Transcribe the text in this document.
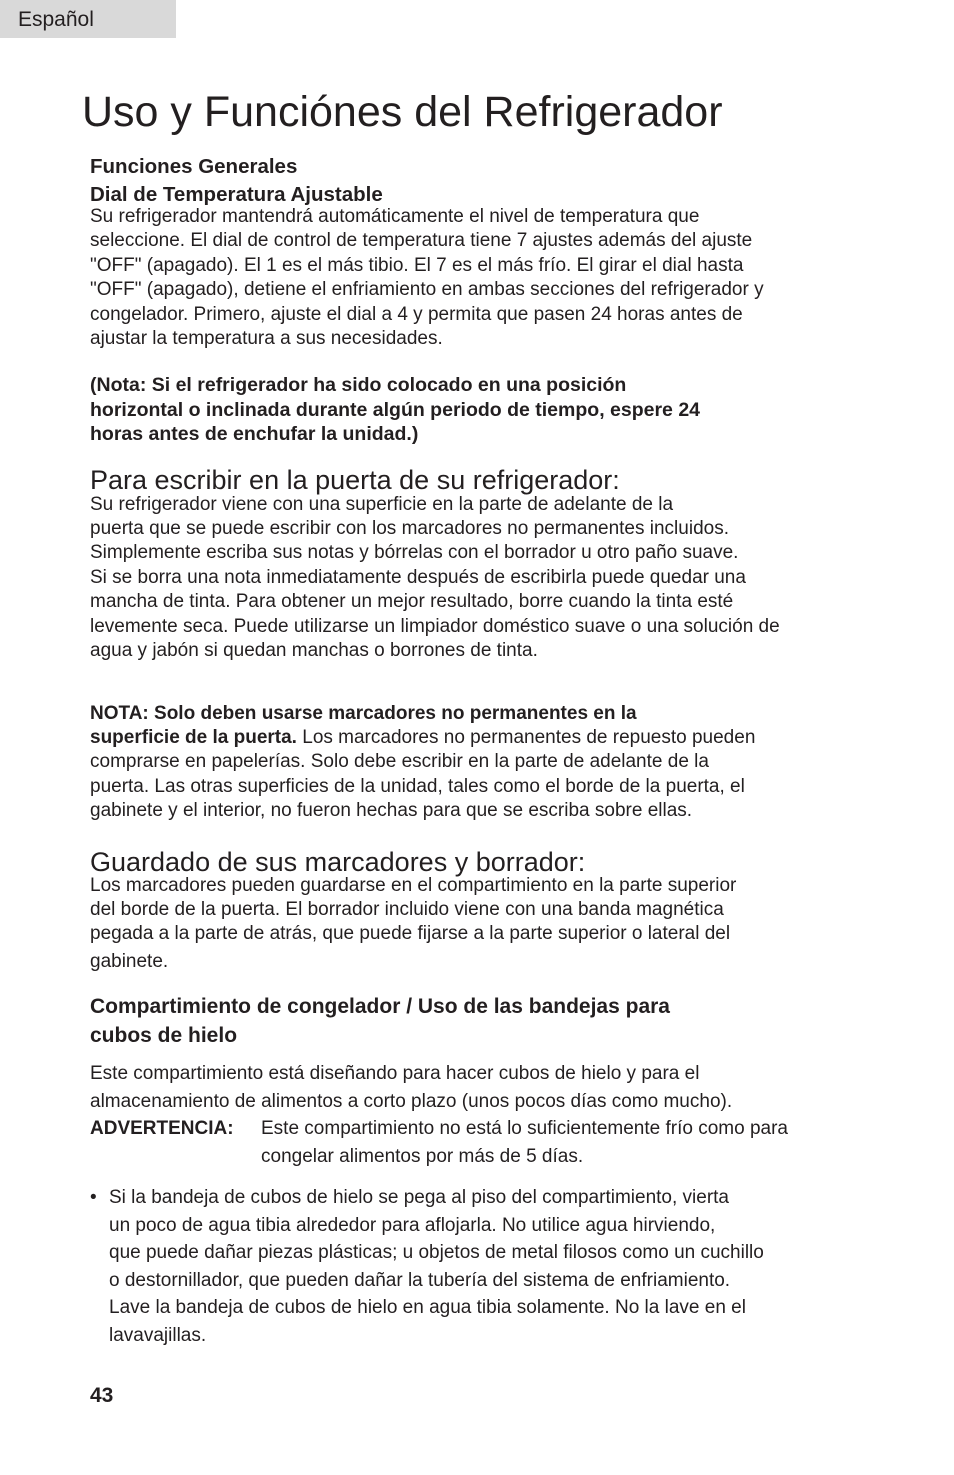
Español
Uso y Funciónes del Refrigerador

Funciones Generales

Dial de Temperatura Ajustable

Su refrigerador mantendrá automáticamente el nivel de temperatura que
seleccione. El dial de control de temperatura tiene 7 ajustes además del ajuste
"OFF" (apagado). El 1 es el más tibio. El 7 es el más frío. El girar el dial hasta
"OFF" (apagado), detiene el enfriamiento en ambas secciones del refrigerador y
congelador. Primero, ajuste el dial a 4 y permita que pasen 24 horas antes de
ajustar la temperatura a sus necesidades.

(Nota: Si el refrigerador ha sido colocado en una posición
horizontal o inclinada durante algún periodo de tiempo, espere 24
horas antes de enchufar la unidad.)

Para escribir en la puerta de su refrigerador:

Su refrigerador viene con una superficie en la parte de adelante de la
puerta que se puede escribir con los marcadores no permanentes incluidos.
Simplemente escriba sus notas y bórrelas con el borrador u otro paño suave.
Si se borra una nota inmediatamente después de escribirla puede quedar una
mancha de tinta. Para obtener un mejor resultado, borre cuando la tinta esté
levemente seca. Puede utilizarse un limpiador doméstico suave o una solución de
agua y jabón si quedan manchas o borrones de tinta.

NOTA: Solo deben usarse marcadores no permanentes en la
superficie de la puerta. Los marcadores no permanentes de repuesto pueden
comprarse en papelerías. Solo debe escribir en la parte de adelante de la
puerta. Las otras superficies de la unidad, tales como el borde de la puerta, el
gabinete y el interior, no fueron hechas para que se escriba sobre ellas.

Guardado de sus marcadores y borrador:

Los marcadores pueden guardarse en el compartimiento en la parte superior
del borde de la puerta. El borrador incluido viene con una banda magnética
pegada a la parte de atrás, que puede fijarse a la parte superior o lateral del
gabinete.

Compartimiento de congelador / Uso de las bandejas para
cubos de hielo

Este compartimiento está diseñando para hacer cubos de hielo y para el
almacenamiento de alimentos a corto plazo (unos pocos días como mucho).

ADVERTENCIA:	Este compartimiento no está lo suficientemente frío como para
congelar alimentos por más de 5 días.
• Si la bandeja de cubos de hielo se pega al piso del compartimiento, vierta
un poco de agua tibia alrededor para aflojarla. No utilice agua hirviendo,
que puede dañar piezas plásticas; u objetos de metal filosos como un cuchillo
o destornillador, que pueden dañar la tubería del sistema de enfriamiento.
Lave la bandeja de cubos de hielo en agua tibia solamente. No la lave en el
lavavajillas.
43
